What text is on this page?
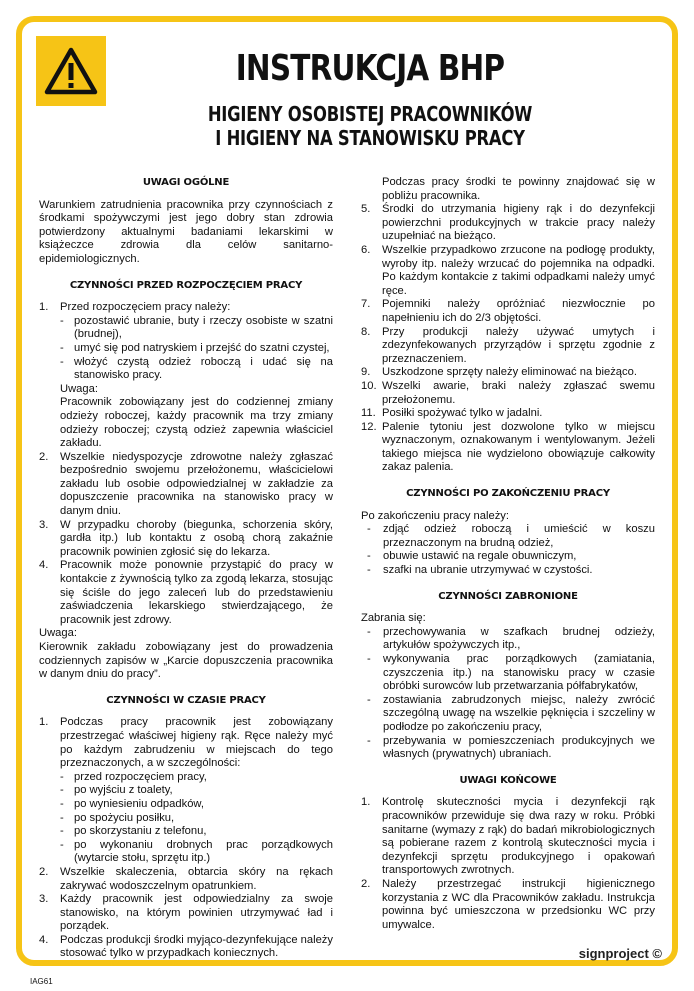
INSTRUKCJA BHP
HIGIENY OSOBISTEJ PRACOWNIKÓW
I HIGIENY NA STANOWISKU PRACY
UWAGI OGÓLNE

Warunkiem zatrudnienia pracownika przy czynnościach z środkami spożywczymi jest jego dobry stan zdrowia potwierdzony aktualnymi badaniami lekarskimi w książeczce zdrowia dla celów sanitarno-epidemiologicznych.

CZYNNOŚCI PRZED ROZPOCZĘCIEM PRACY
1. Przed rozpoczęciem pracy należy:
- pozostawić ubranie, buty i rzeczy osobiste w szatni (brudnej),
- umyć się pod natryskiem i przejść do szatni czystej,
- włożyć czystą odzież roboczą i udać się na stanowisko pracy.
Uwaga:
Pracownik zobowiązany jest do codziennej zmiany odzieży roboczej, każdy pracownik ma trzy zmiany odzieży roboczej; czystą odzież zapewnia właściciel zakładu.
2. Wszelkie niedyspozycje zdrowotne należy zgłaszać bezpośrednio swojemu przełożonemu, właścicielowi zakładu lub osobie odpowiedzialnej w zakładzie za dopuszczenie pracownika na stanowisko pracy w danym dniu.
3. W przypadku choroby (biegunka, schorzenia skóry, gardła itp.) lub kontaktu z osobą chorą zakaźnie pracownik powinien zgłosić się do lekarza.
4. Pracownik może ponownie przystąpić do pracy w kontakcie z żywnością tylko za zgodą lekarza, stosując się ściśle do jego zaleceń lub do przedstawieniu zaświadczenia lekarskiego stwierdzającego, że pracownik jest zdrowy.
Uwaga:

Kierownik zakładu zobowiązany jest do prowadzenia codziennych zapisów w „Karcie dopuszczenia pracownika w danym dniu do pracy”.

CZYNNOŚCI W CZASIE PRACY
1. Podczas pracy pracownik jest zobowiązany przestrzegać właściwej higieny rąk. Ręce należy myć po każdym zabrudzeniu w miejscach do tego przeznaczonych, a w szczególności:
- przed rozpoczęciem pracy,
- po wyjściu z toalety,
- po wyniesieniu odpadków,
- po spożyciu posiłku,
- po skorzystaniu z telefonu,
- po wykonaniu drobnych prac porządkowych (wytarcie stołu, sprzętu itp.)
2. Wszelkie skaleczenia, obtarcia skóry na rękach zakrywać wodoszczelnym opatrunkiem.
3. Każdy pracownik jest odpowiedzialny za swoje stanowisko, na którym powinien utrzymywać ład i porządek.
4. Podczas produkcji środki myjąco-dezynfekujące należy stosować tylko w przypadkach koniecznych.

Podczas pracy środki te powinny znajdować się w pobliżu pracownika.

5. Środki do utrzymania higieny rąk i do dezynfekcji powierzchni produkcyjnych w trakcie pracy należy uzupełniać na bieżąco.
6. Wszelkie przypadkowo zrzucone na podłogę produkty, wyroby itp. należy wrzucać do pojemnika na odpadki. Po każdym kontakcie z takimi odpadkami należy umyć ręce.
7. Pojemniki należy opróżniać niezwłocznie po napełnieniu ich do 2/3 objętości.
8. Przy produkcji należy używać umytych i zdezynfekowanych przyrządów i sprzętu zgodnie z przeznaczeniem.
9. Uszkodzone sprzęty należy eliminować na bieżąco.
10. Wszelki awarie, braki należy zgłaszać swemu przełożonemu.
11. Posiłki spożywać tylko w jadalni.
12. Palenie tytoniu jest dozwolone tylko w miejscu wyznaczonym, oznakowanym i wentylowanym. Jeżeli takiego miejsca nie wydzielono obowiązuje całkowity zakaz palenia.
CZYNNOŚCI PO ZAKOŃCZENIU PRACY

Po zakończeniu pracy należy:

- zdjąć odzież roboczą i umieścić w koszu przeznaczonym na brudną odzież,
- obuwie ustawić na regale obuwniczym,
- szafki na ubranie utrzymywać w czystości.
CZYNNOŚCI ZABRONIONE

Zabrania się:

- przechowywania w szafkach brudnej odzieży, artykułów spożywczych itp.,
- wykonywania prac porządkowych (zamiatania, czyszczenia itp.) na stanowisku pracy w czasie obróbki surowców lub przetwarzania półfabrykatów,
- zostawiania zabrudzonych miejsc, należy zwrócić szczególną uwagę na wszelkie pęknięcia i szczeliny w podłodze po zakończeniu pracy,
- przebywania w pomieszczeniach produkcyjnych we własnych (prywatnych) ubraniach.
UWAGI KOŃCOWE
1. Kontrolę skuteczności mycia i dezynfekcji rąk pracowników przewiduje się dwa razy w roku. Próbki sanitarne (wymazy z rąk) do badań mikrobiologicznych są pobierane razem z kontrolą skuteczności mycia i dezynfekcji sprzętu produkcyjnego i opakowań transportowych zwrotnych.
2. Należy przestrzegać instrukcji higienicznego korzystania z WC dla Pracowników zakładu. Instrukcja powinna być umieszczona w przedsionku WC przy umywalce.
signproject ©
IAG61
